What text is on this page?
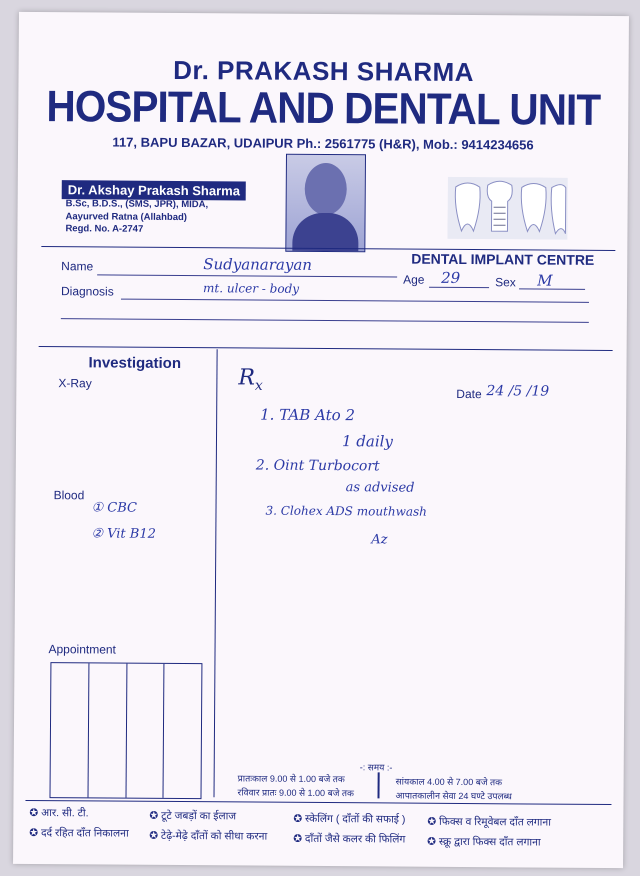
Dr. PRAKASH SHARMA
HOSPITAL AND DENTAL UNIT
117, BAPU BAZAR, UDAIPUR Ph.: 2561775 (H&R), Mob.: 9414234656
Dr. Akshay Prakash Sharma
B.Sc, B.D.S., (SMS, JPR), MIDA,
Aayurved Ratna (Allahbad)
Regd. No. A-2747
DENTAL IMPLANT CENTRE
Name	Sudyanarayan
Age 29	Sex M
Diagnosis	mt. ulcer - body
Investigation
X-Ray
Blood
① CBC
② Vit B12
Appointment
$R_x$
Date 24 /5 /19
1. TAB Ato 2
1 daily
2. Oint Turbocort
as advised
3. Clohex ADS mouthwash
Az
-: समय :-
प्रातःकाल 9.00 से 1.00 बजे तक
रविवार प्रातः 9.00 से 1.00 बजे तक
सांयकाल 4.00 से 7.00 बजे तक
आपातकालीन सेवा 24 घण्टे उपलब्ध
✪ आर. सी. टी.	✪ टूटे जबड़ों का ईलाज	✪ स्केलिंग ( दाँतों की सफाई ) ✪ फिक्स व रिमूवेबल दाँत लगाना
✪ दर्द रहित दाँत निकालना ✪ टेढ़े-मेढ़े दाँतों को सीधा करना ✪ दाँतों जैसे कलर की फिलिंग ✪ स्क्रू द्वारा फिक्स दाँत लगाना
